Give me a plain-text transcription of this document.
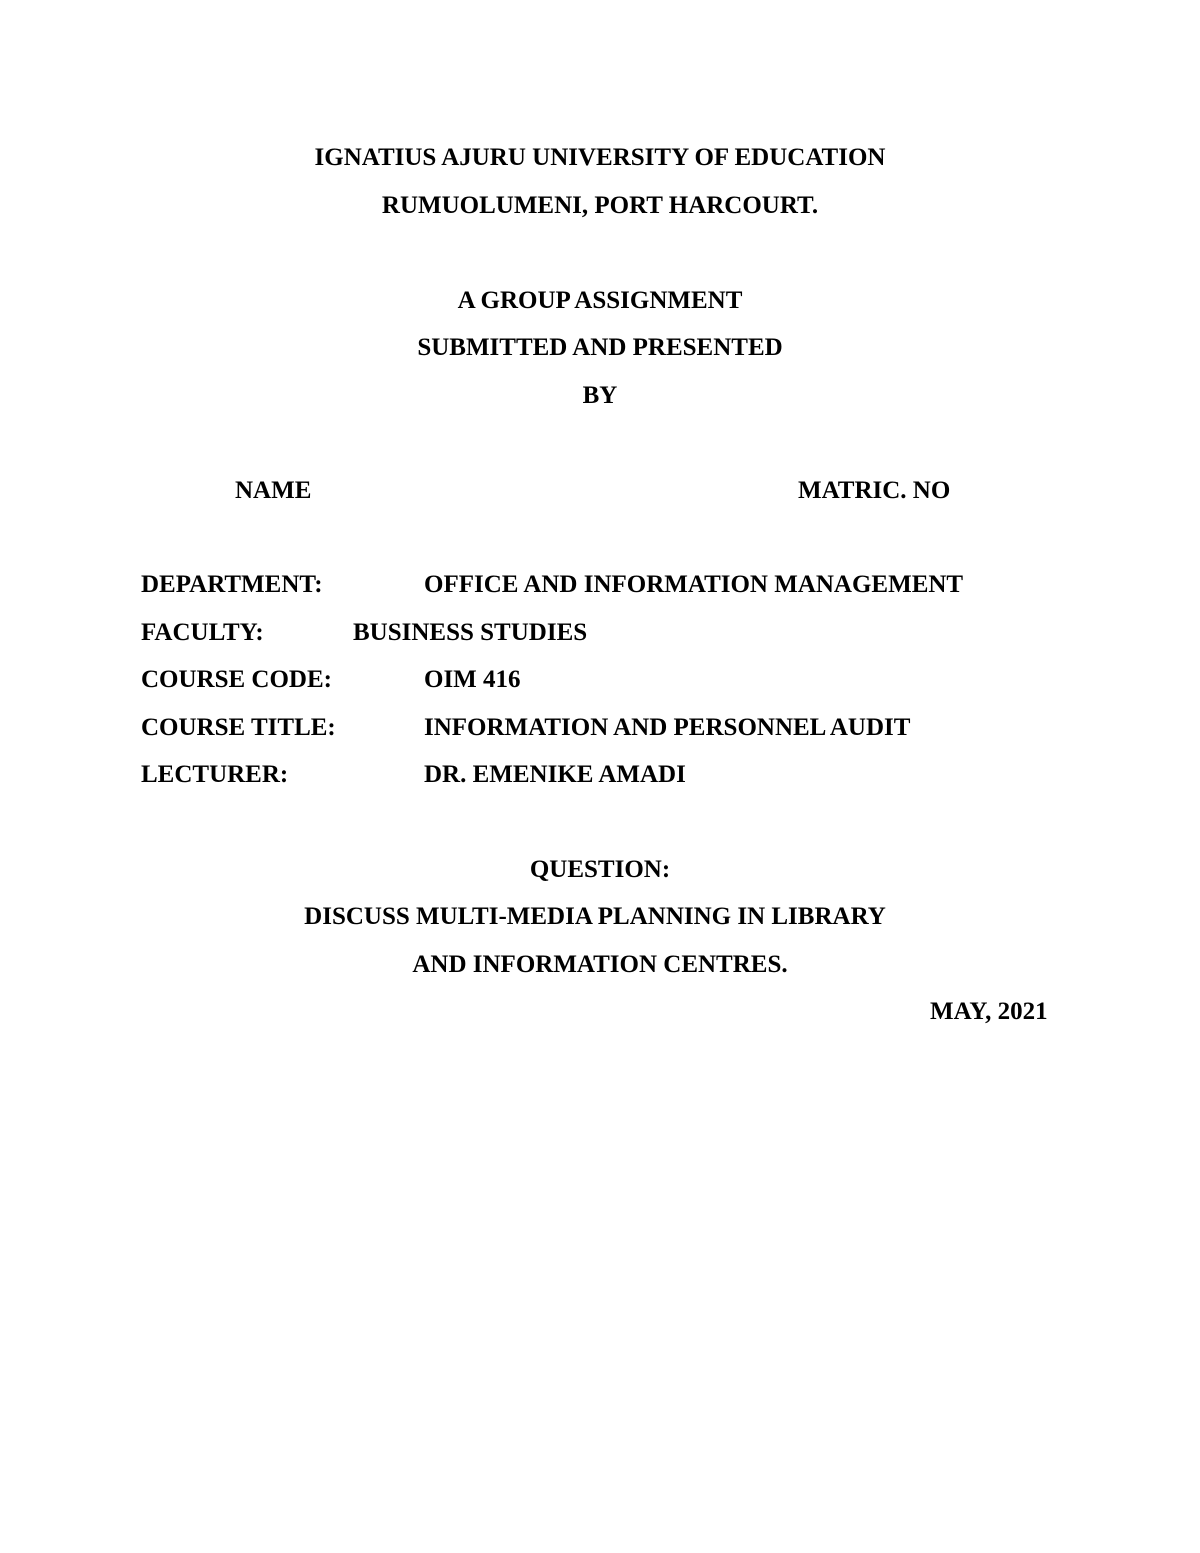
IGNATIUS AJURU UNIVERSITY OF EDUCATION

RUMUOLUMENI, PORT HARCOURT.

A GROUP ASSIGNMENT

SUBMITTED AND PRESENTED

BY

NAME	MATRIC. NO

DEPARTMENT:	OFFICE AND INFORMATION MANAGEMENT

FACULTY:	BUSINESS STUDIES

COURSE CODE:	OIM 416

COURSE TITLE:	INFORMATION AND PERSONNEL AUDIT

LECTURER:	DR. EMENIKE AMADI

QUESTION:

DISCUSS MULTI-MEDIA PLANNING IN LIBRARY

AND INFORMATION CENTRES.

MAY, 2021
